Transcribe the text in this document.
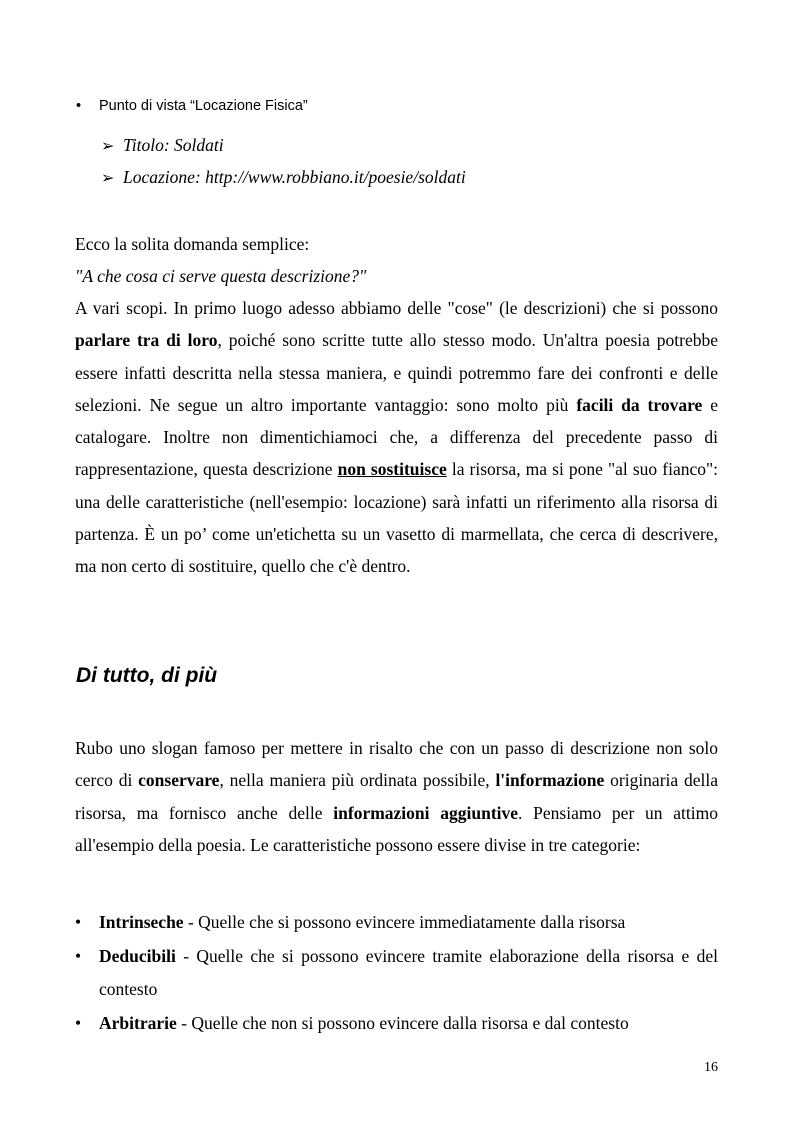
• Punto di vista “Locazione Fisica”
➢ Titolo: Soldati
➢ Locazione: http://www.robbiano.it/poesie/soldati

Ecco la solita domanda semplice:

"A che cosa ci serve questa descrizione?"

A vari scopi. In primo luogo adesso abbiamo delle "cose" (le descrizioni) che si possono parlare tra di loro, poiché sono scritte tutte allo stesso modo. Un'altra poesia potrebbe essere infatti descritta nella stessa maniera, e quindi potremmo fare dei confronti e delle selezioni. Ne segue un altro importante vantaggio: sono molto più facili da trovare e catalogare. Inoltre non dimentichiamoci che, a differenza del precedente passo di rappresentazione, questa descrizione non sostituisce la risorsa, ma si pone "al suo fianco": una delle caratteristiche (nell'esempio: locazione) sarà infatti un riferimento alla risorsa di partenza. È un po’ come un'etichetta su un vasetto di marmellata, che cerca di descrivere, ma non certo di sostituire, quello che c'è dentro.

Di tutto, di più

Rubo uno slogan famoso per mettere in risalto che con un passo di descrizione non solo cerco di conservare, nella maniera più ordinata possibile, l'informazione originaria della risorsa, ma fornisco anche delle informazioni aggiuntive. Pensiamo per un attimo all'esempio della poesia. Le caratteristiche possono essere divise in tre categorie:

•	Intrinseche - Quelle che si possono evincere immediatamente dalla risorsa
•	Deducibili - Quelle che si possono evincere tramite elaborazione della risorsa e del contesto
•	Arbitrarie - Quelle che non si possono evincere dalla risorsa e dal contesto
16
